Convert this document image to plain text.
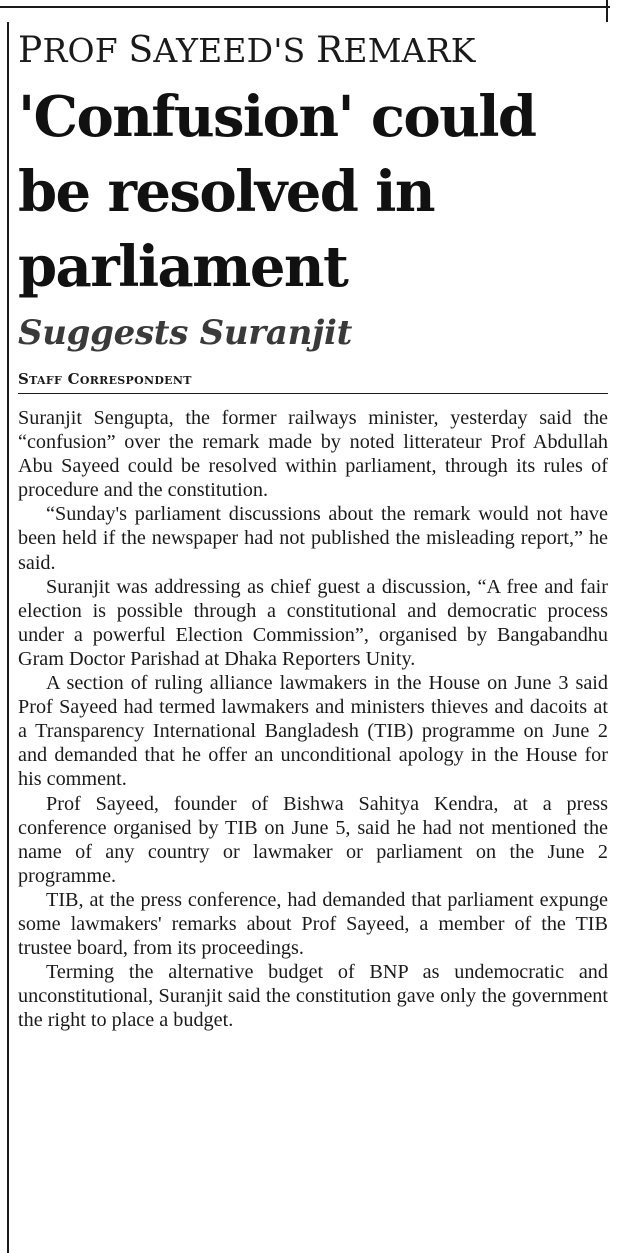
PROF SAYEED'S REMARK
'Confusion' could be resolved in parliament
Suggests Suranjit
Staff Correspondent

Suranjit Sengupta, the former railways minister, yesterday said the “confusion” over the remark made by noted litterateur Prof Abdullah Abu Sayeed could be resolved within parliament, through its rules of procedure and the constitution.

“Sunday's parliament discussions about the remark would not have been held if the newspaper had not published the misleading report,” he said.

Suranjit was addressing as chief guest a discussion, “A free and fair election is possible through a constitutional and democratic process under a powerful Election Commission”, organised by Bangabandhu Gram Doctor Parishad at Dhaka Reporters Unity.

A section of ruling alliance lawmakers in the House on June 3 said Prof Sayeed had termed lawmakers and ministers thieves and dacoits at a Transparency International Bangladesh (TIB) programme on June 2 and demanded that he offer an unconditional apology in the House for his comment.

Prof Sayeed, founder of Bishwa Sahitya Kendra, at a press conference organised by TIB on June 5, said he had not mentioned the name of any country or lawmaker or parliament on the June 2 programme.

TIB, at the press conference, had demanded that parliament expunge some lawmakers' remarks about Prof Sayeed, a member of the TIB trustee board, from its proceedings.

Terming the alternative budget of BNP as undemocratic and unconstitutional, Suranjit said the constitution gave only the government the right to place a budget.
